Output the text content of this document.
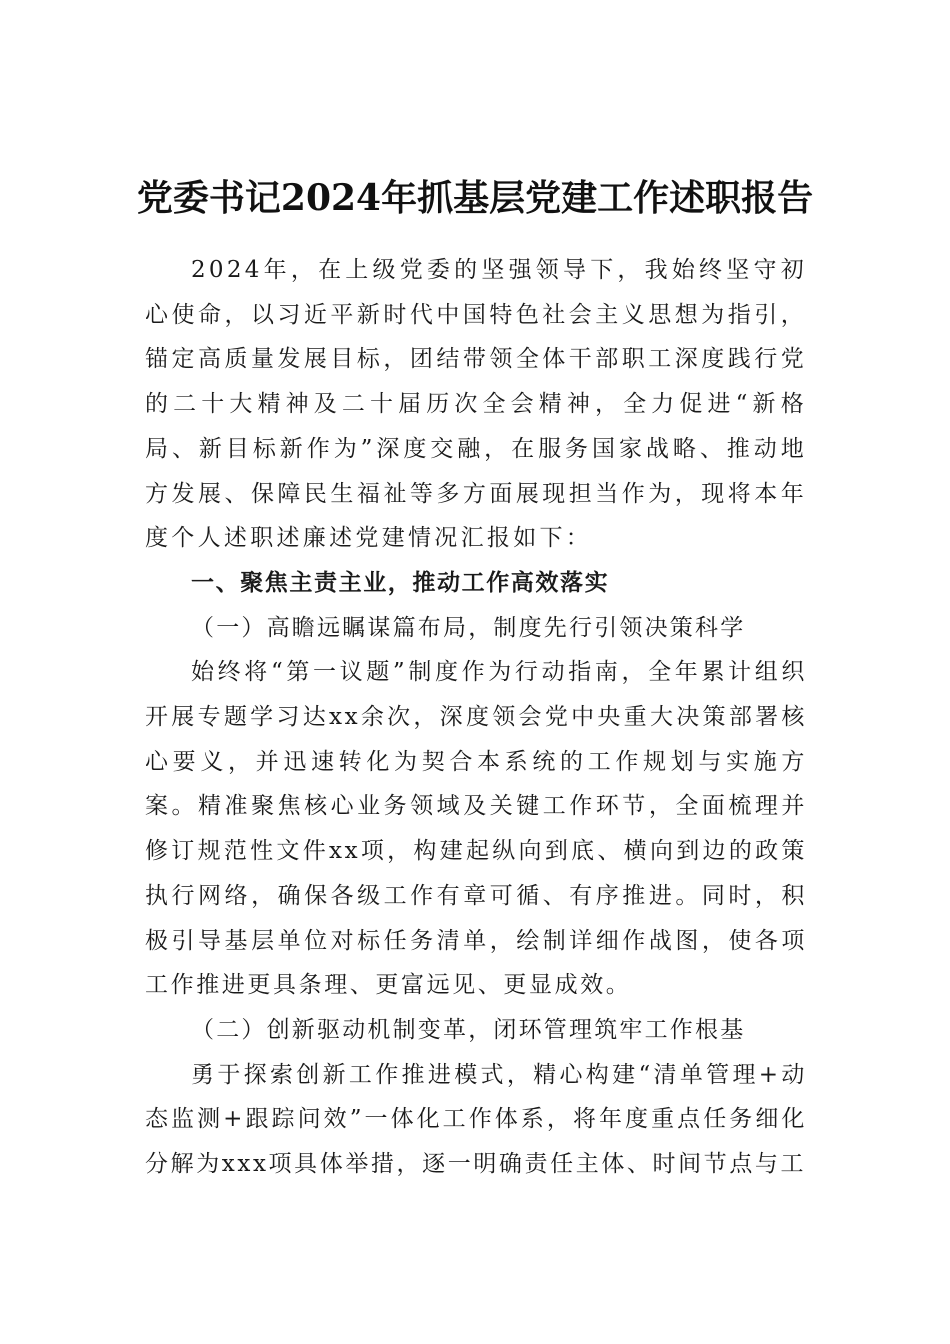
党委书记2024年抓基层党建工作述职报告

2024年，在上级党委的坚强领导下，我始终坚守初心使命，以习近平新时代中国特色社会主义思想为指引，锚定高质量发展目标，团结带领全体干部职工深度践行党的二十大精神及二十届历次全会精神，全力促进“新格局、新目标新作为”深度交融，在服务国家战略、推动地方发展、保障民生福祉等多方面展现担当作为，现将本年度个人述职述廉述党建情况汇报如下：

一、聚焦主责主业，推动工作高效落实

（一）高瞻远瞩谋篇布局，制度先行引领决策科学

始终将“第一议题”制度作为行动指南，全年累计组织开展专题学习达xx余次，深度领会党中央重大决策部署核心要义，并迅速转化为契合本系统的工作规划与实施方案。精准聚焦核心业务领域及关键工作环节，全面梳理并修订规范性文件xx项，构建起纵向到底、横向到边的政策执行网络，确保各级工作有章可循、有序推进。同时，积极引导基层单位对标任务清单，绘制详细作战图，使各项工作推进更具条理、更富远见、更显成效。

（二）创新驱动机制变革，闭环管理筑牢工作根基

勇于探索创新工作推进模式，精心构建“清单管理+动态监测+跟踪问效”一体化工作体系，将年度重点任务细化分解为xxx项具体举措，逐一明确责任主体、时间节点与工
